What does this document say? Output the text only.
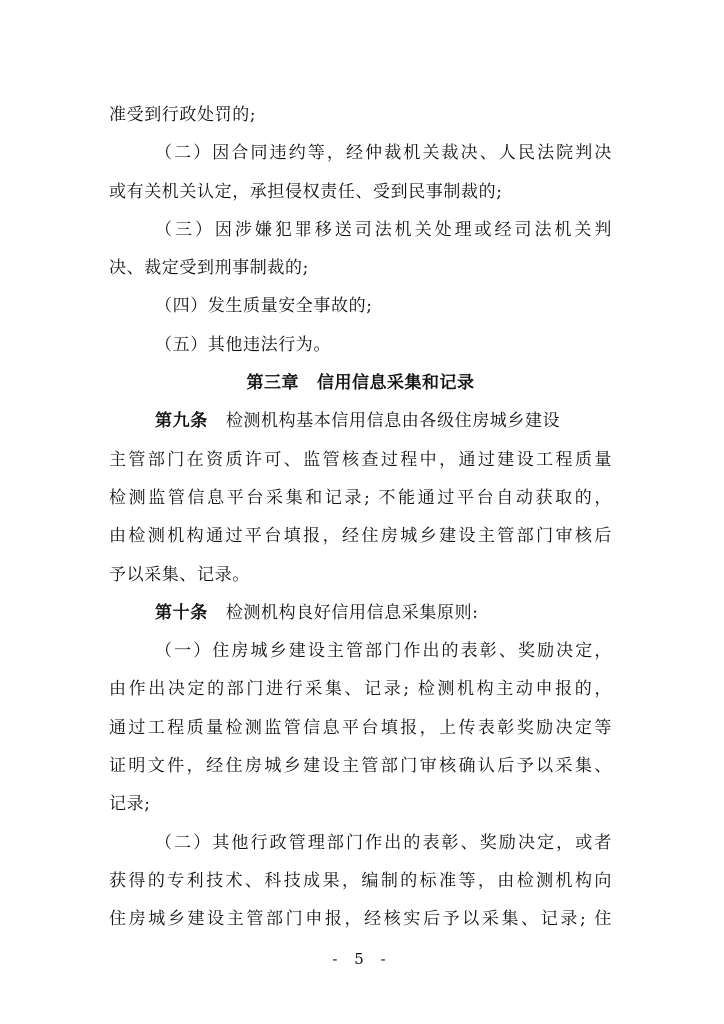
准受到行政处罚的;
（二）因合同违约等，经仲裁机关裁决、人民法院判决
或有关机关认定，承担侵权责任、受到民事制裁的;
（三）因涉嫌犯罪移送司法机关处理或经司法机关判
决、裁定受到刑事制裁的;
（四）发生质量安全事故的;
（五）其他违法行为。
第三章 信用信息采集和记录
第九条 检测机构基本信用信息由各级住房城乡建设
主管部门在资质许可、监管核查过程中，通过建设工程质量
检测监管信息平台采集和记录; 不能通过平台自动获取的，
由检测机构通过平台填报，经住房城乡建设主管部门审核后
予以采集、记录。
第十条 检测机构良好信用信息采集原则:
（一）住房城乡建设主管部门作出的表彰、奖励决定，
由作出决定的部门进行采集、记录; 检测机构主动申报的，
通过工程质量检测监管信息平台填报，上传表彰奖励决定等
证明文件，经住房城乡建设主管部门审核确认后予以采集、
记录;
（二）其他行政管理部门作出的表彰、奖励决定，或者
获得的专利技术、科技成果，编制的标准等，由检测机构向
住房城乡建设主管部门申报，经核实后予以采集、记录; 住
- 5 -
